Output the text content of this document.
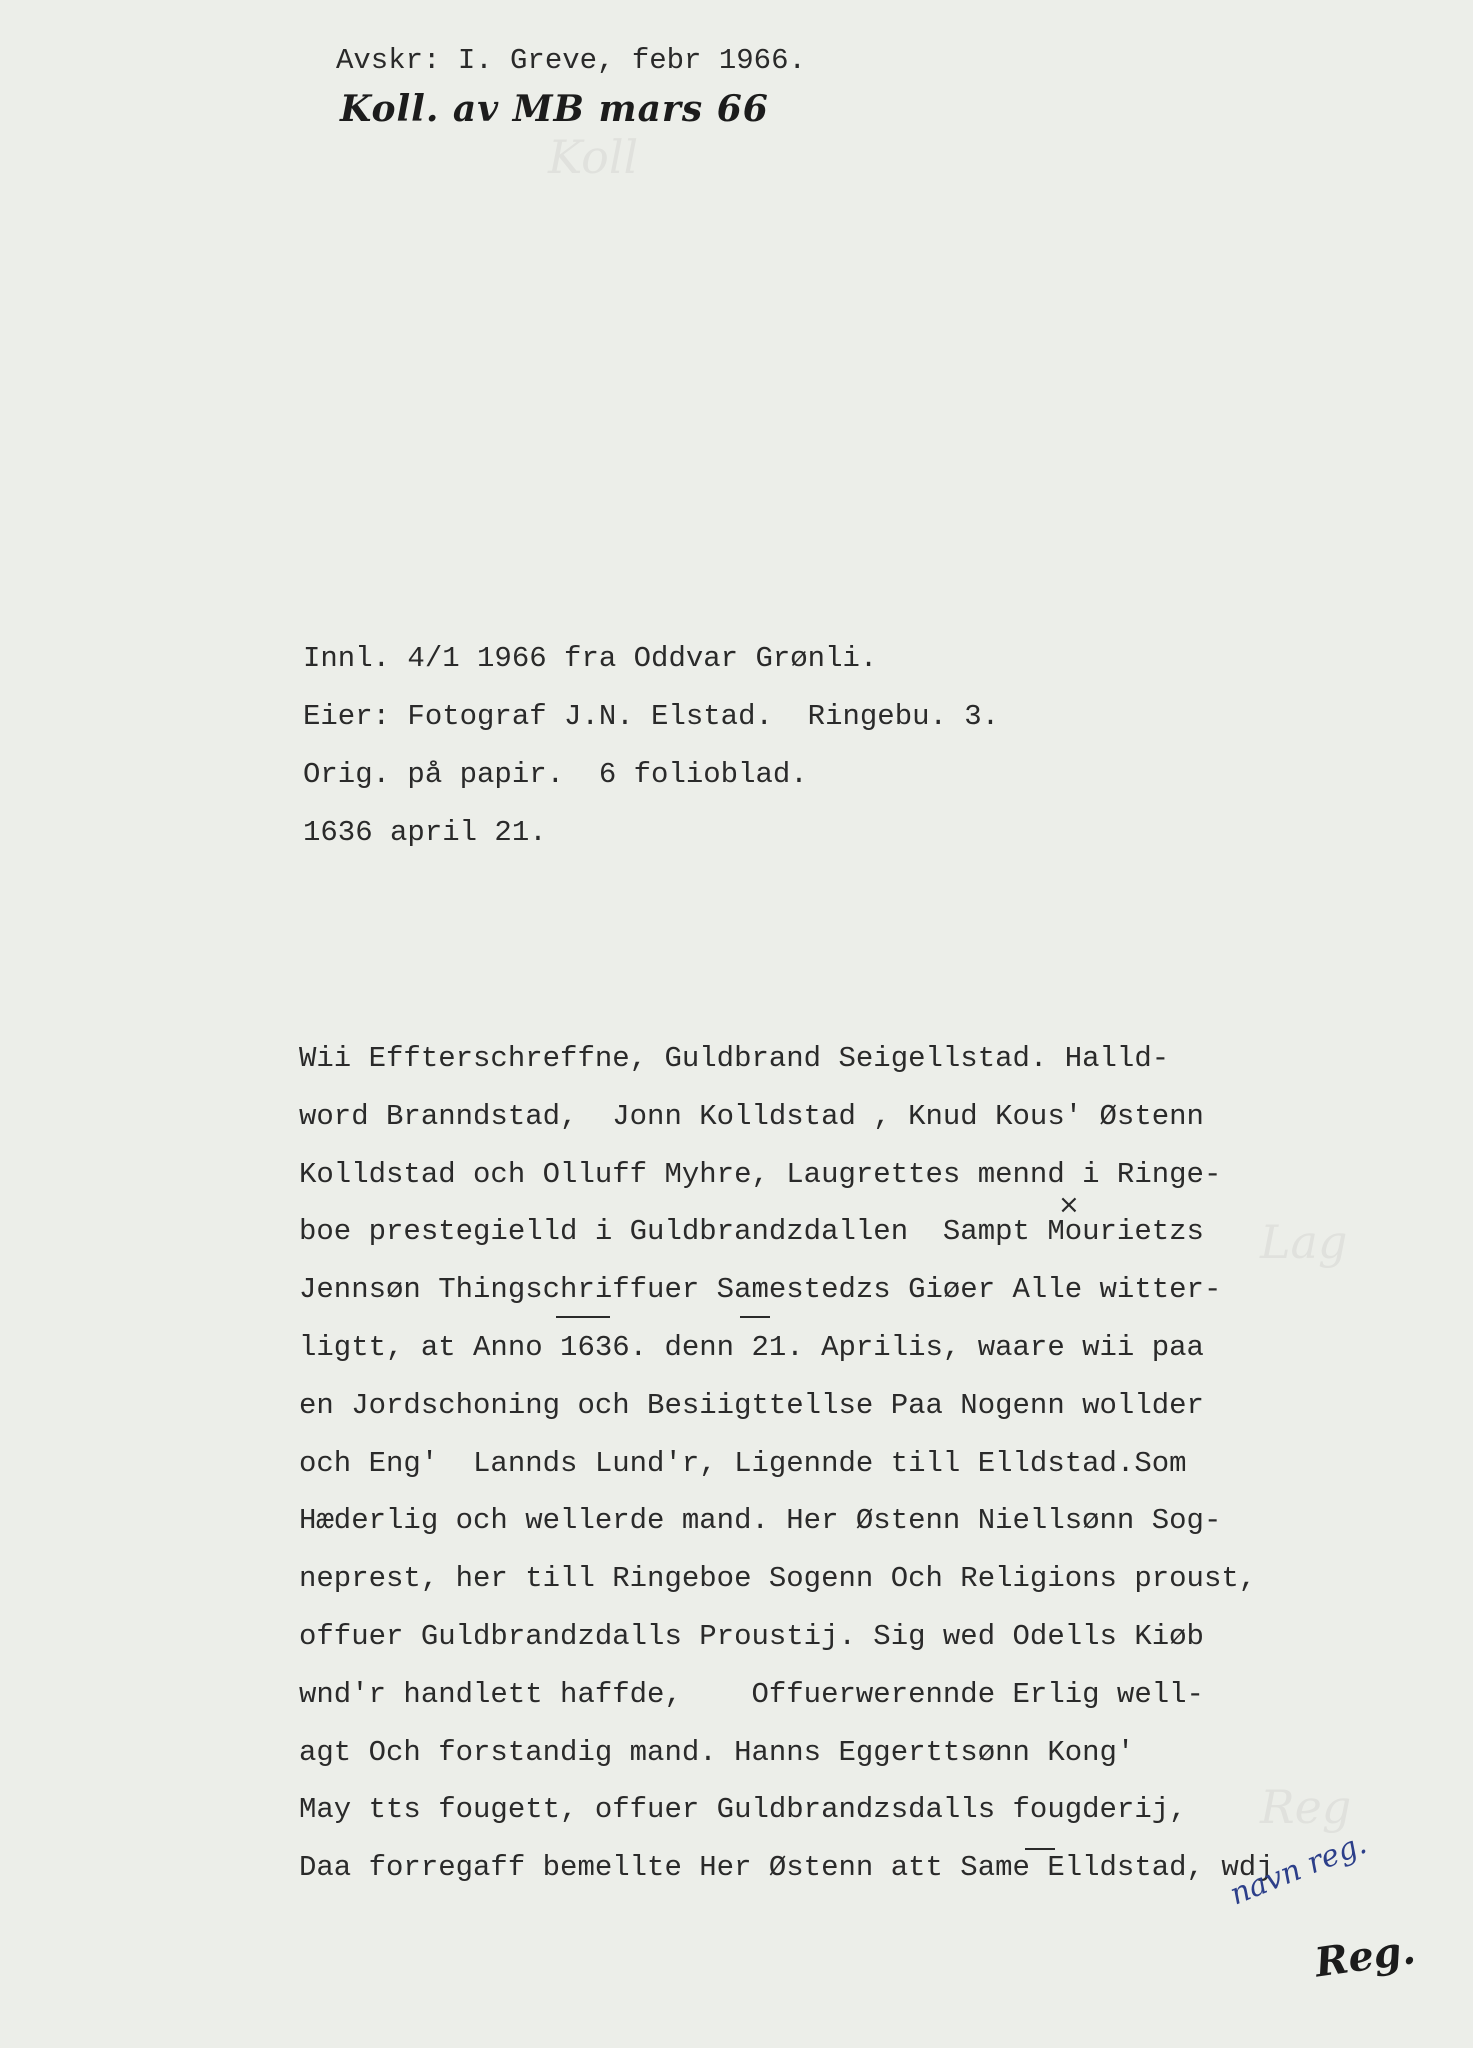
Koll
Lag
Reg
Avskr: I. Greve, febr 1966.
Koll. av MB mars 66
Innl. 4/1 1966 fra Oddvar Grønli.
Eier: Fotograf J.N. Elstad.  Ringebu. 3.
Orig. på papir.  6 folioblad.
1636 april 21.
Wii Effterschreffne, Guldbrand Seigellstad. Halld-
word Branndstad,  Jonn Kolldstad , Knud Kous' Østenn
Kolldstad och Olluff Myhre, Laugrettes mennd i Ringe-
boe prestegielld i Guldbrandzdallen  Sampt Mourietzs
Jennsøn Thingschriffuer Samestedzs Giøer Alle witter-
ligtt, at Anno 1636. denn 21. Aprilis, waare wii paa
en Jordschoning och Besiigttellse Paa Nogenn wollder
och Eng'  Lannds Lund'r, Ligennde till Elldstad.Som
Hæderlig och wellerde mand. Her Østenn Niellsønn Sog-
neprest, her till Ringeboe Sogenn Och Religions proust,
offuer Guldbrandzdalls Proustij. Sig wed Odells Kiøb
wnd'r handlett haffde,    Offuerwerennde Erlig well-
agt Och forstandig mand. Hanns Eggerttsønn Kong'
May tts fougett, offuer Guldbrandzsdalls fougderij,
Daa forregaff bemellte Her Østenn att Same Elldstad, wdj
×
navn reg.
Reg.
